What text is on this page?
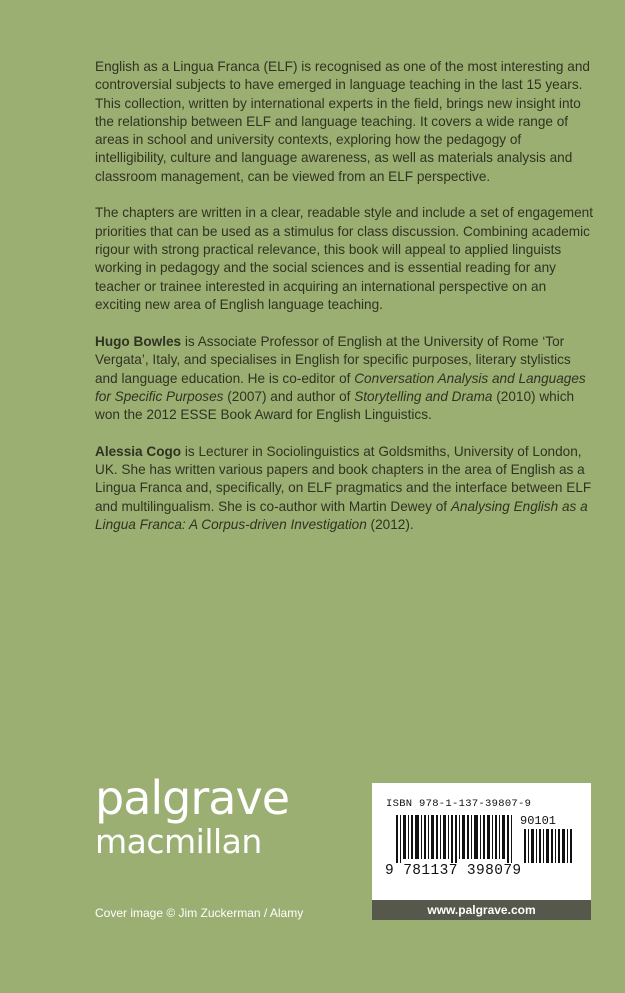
English as a Lingua Franca (ELF) is recognised as one of the most interesting and controversial subjects to have emerged in language teaching in the last 15 years. This collection, written by international experts in the field, brings new insight into the relationship between ELF and language teaching. It covers a wide range of areas in school and university contexts, exploring how the pedagogy of intelligibility, culture and language awareness, as well as materials analysis and classroom management, can be viewed from an ELF perspective.

The chapters are written in a clear, readable style and include a set of engagement priorities that can be used as a stimulus for class discussion. Combining academic rigour with strong practical relevance, this book will appeal to applied linguists working in pedagogy and the social sciences and is essential reading for any teacher or trainee interested in acquiring an international perspective on an exciting new area of English language teaching.

Hugo Bowles is Associate Professor of English at the University of Rome ‘Tor Vergata’, Italy, and specialises in English for specific purposes, literary stylistics and language education. He is co-editor of Conversation Analysis and Languages for Specific Purposes (2007) and author of Storytelling and Drama (2010) which won the 2012 ESSE Book Award for English Linguistics.

Alessia Cogo is Lecturer in Sociolinguistics at Goldsmiths, University of London, UK. She has written various papers and book chapters in the area of English as a Lingua Franca and, specifically, on ELF pragmatics and the interface between ELF and multilingualism. She is co-author with Martin Dewey of Analysing English as a Lingua Franca: A Corpus-driven Investigation (2012).

palgrave
macmillan
Cover image © Jim Zuckerman / Alamy
ISBN 978-1-137-39807-9
90101
9 781137 398079
www.palgrave.com
